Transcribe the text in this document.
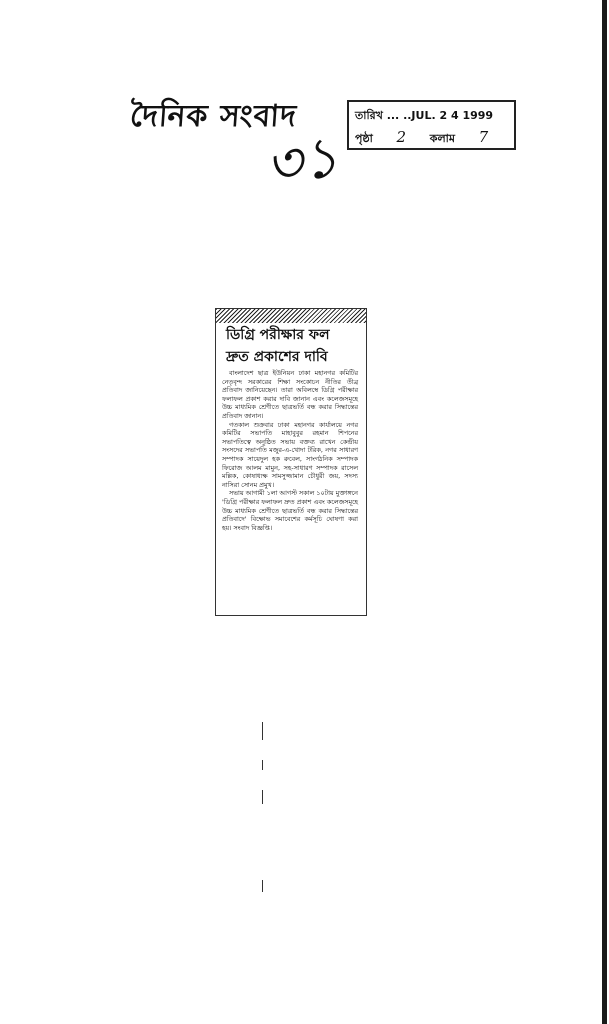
দৈনিক সংবাদ	তারিখ ... ..JUL. 2 4 1999
পৃষ্ঠা 2 কলাম 7
৩১
ডিগ্রি পরীক্ষার ফল
দ্রুত প্রকাশের দাবি

বাংলাদেশ ছাত্র ইউনিয়ন ঢাকা মহানগর কমিটির নেতৃবৃন্দ সরকারের শিক্ষা সংকোচন নীতির তীব্র প্রতিবাদ জানিয়েছেন। তারা অবিলম্বে ডিগ্রি পরীক্ষার ফলাফল প্রকাশ করার দাবি জানান এবং কলেজসমূহে উচ্চ মাধ্যমিক শ্রেণীতে ছাত্রভর্তি বন্ধ করার সিদ্ধান্তের প্রতিবাদ জানান।

গতকাল শুক্রবার ঢাকা মহানগর কার্যালয়ে নগর কমিটির সভাপতি মাহাবুবুর রহমান শিপনের সভাপতিত্বে অনুষ্ঠিত সভায় বক্তব্য রাখেন কেন্দ্রীয় সংসদের সভাপতি মজুর-এ-খোদা টরিক, নগর সাধারণ সম্পাদক সায়েদুল হক রুবেল, সাংগঠনিক সম্পাদক ফিরোজ আলম মামুন, সহ-সাধারণ সম্পাদক রাসেল মল্লিক, কোষাধ্যক্ষ সামসুজ্জামান চৌধুরী জয়, সদস্য নাসিরা সোনম প্রমুখ।

সভায় আগামী ১লা আগস্ট সকাল ১০টায় মুক্তাঙ্গনে 'ডিগ্রি পরীক্ষার ফলাফল দ্রুত প্রকাশ এবং কলেজসমূহে উচ্চ মাধ্যমিক শ্রেণীতে ছাত্রভর্তি বন্ধ করার সিদ্ধান্তের প্রতিবাদে' বিক্ষোভ সমাবেশের কর্মসূচি ঘোষণা করা হয়। সংবাদ বিজ্ঞপ্তি।
